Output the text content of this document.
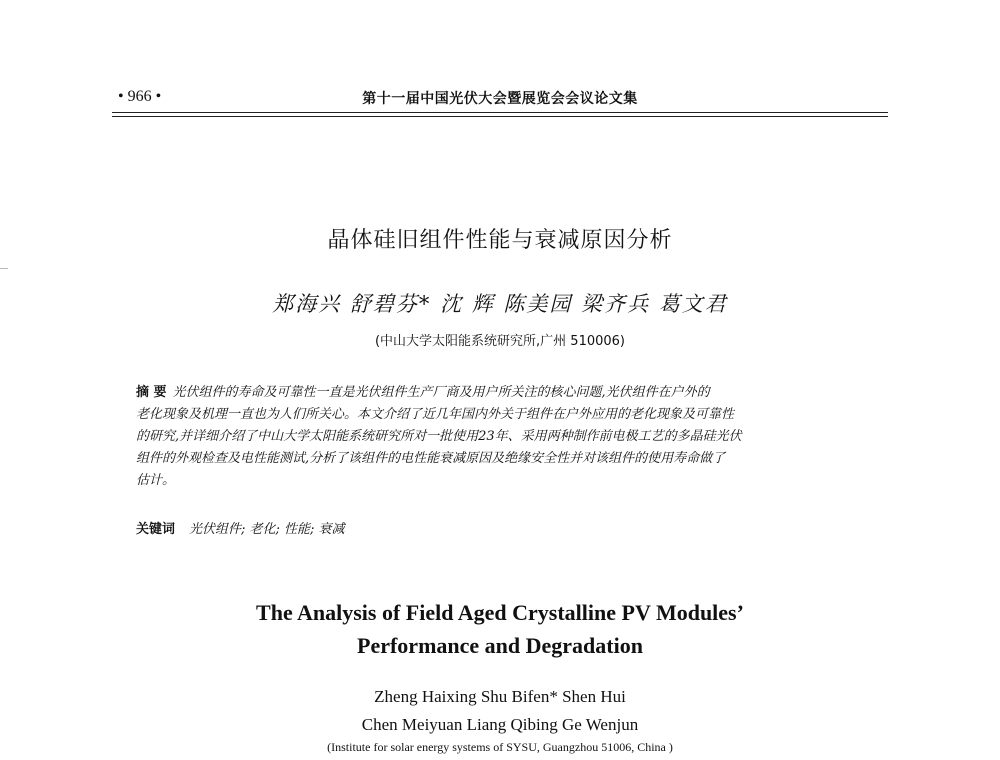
• 966 •	第十一届中国光伏大会暨展览会会议论文集
晶体硅旧组件性能与衰减原因分析
郑海兴 舒碧芬* 沈 辉 陈美园 梁齐兵 葛文君
(中山大学太阳能系统研究所,广州 510006)
摘 要 光伏组件的寿命及可靠性一直是光伏组件生产厂商及用户所关注的核心问题,光伏组件在户外的
老化现象及机理一直也为人们所关心。本文介绍了近几年国内外关于组件在户外应用的老化现象及可靠性
的研究,并详细介绍了中山大学太阳能系统研究所对一批使用23年、采用两种制作前电极工艺的多晶硅光伏
组件的外观检查及电性能测试,分析了该组件的电性能衰减原因及绝缘安全性并对该组件的使用寿命做了
估计。
关键词 光伏组件; 老化; 性能; 衰减
The Analysis of Field Aged Crystalline PV Modules’
Performance and Degradation
Zheng Haixing Shu Bifen* Shen Hui
Chen Meiyuan Liang Qibing Ge Wenjun
(Institute for solar energy systems of SYSU, Guangzhou 51006, China )
